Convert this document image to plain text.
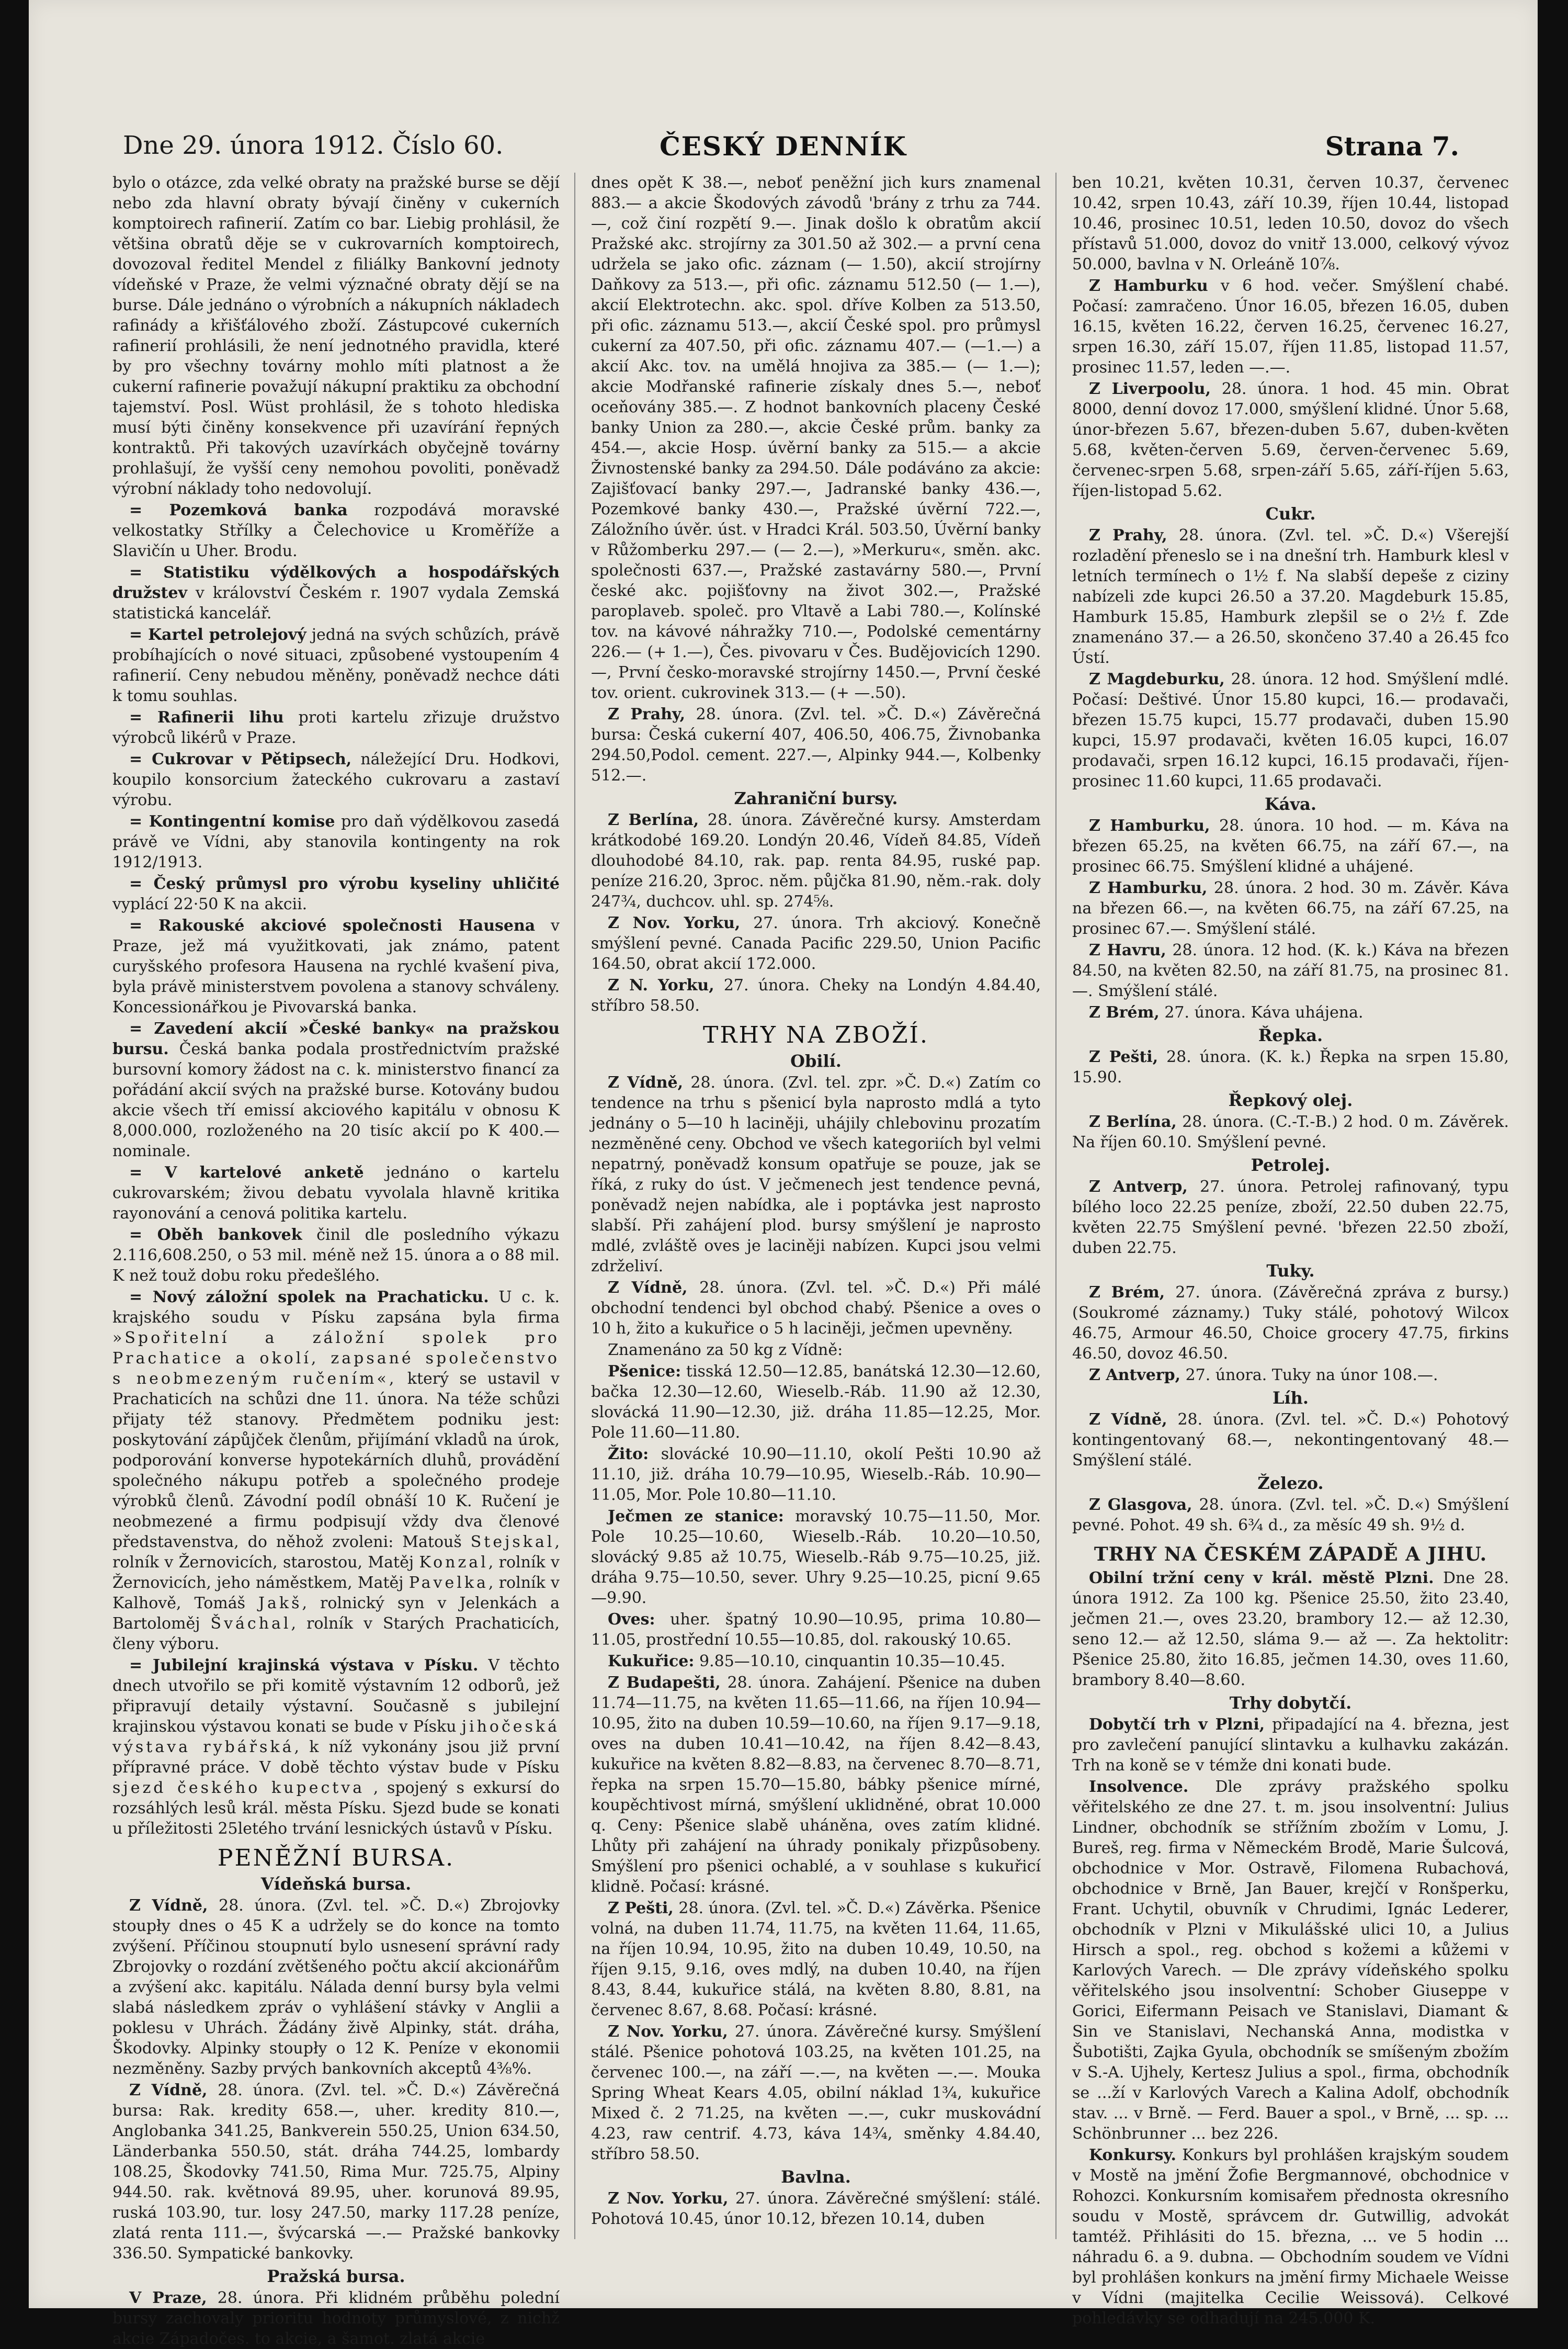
Dne 29. února 1912. Číslo 60.	ČESKÝ DENNÍK	Strana 7.

bylo o otázce, zda velké obraty na pražské burse se dějí nebo zda hlavní obraty bývají činěny v cukerních komptoirech rafinerií. Zatím co bar. Liebig prohlásil, že většina obratů děje se v cukrovarních komptoirech, dovozoval ředitel Mendel z filiálky Bankovní jednoty vídeňské v Praze, že velmi význačné obraty dějí se na burse. Dále jednáno o výrobních a nákupních nákladech rafinády a křišťálového zboží. Zástupcové cukerních rafinerií prohlásili, že není jednotného pravidla, které by pro všechny továrny mohlo míti platnost a že cukerní rafinerie považují nákupní praktiku za obchodní tajemství. Posl. Wüst prohlásil, že s tohoto hlediska musí býti činěny konsekvence při uzavírání řepných kontraktů. Při takových uzavírkách obyčejně továrny prohlašují, že vyšší ceny nemohou povoliti, poněvadž výrobní náklady toho nedovolují.

= Pozemková banka rozpodává moravské velkostatky Střílky a Čelechovice u Kroměříže a Slavičín u Uher. Brodu.

= Statistiku výdělkových a hospodářských družstev v království Českém r. 1907 vydala Zemská statistická kancelář.

= Kartel petrolejový jedná na svých schůzích, právě probíhajících o nové situaci, způsobené vystoupením 4 rafinerií. Ceny nebudou měněny, poněvadž nechce dáti k tomu souhlas.

= Rafinerii lihu proti kartelu zřizuje družstvo výrobců likérů v Praze.

= Cukrovar v Pětipsech, náležející Dru. Hodkovi, koupilo konsorcium žateckého cukrovaru a zastaví výrobu.

= Kontingentní komise pro daň výdělkovou zasedá právě ve Vídni, aby stanovila kontingenty na rok 1912/1913.

= Český průmysl pro výrobu kyseliny uhličité vyplácí 22·50 K na akcii.

= Rakouské akciové společnosti Hausena v Praze, jež má využitkovati, jak známo, patent curyšského profesora Hausena na rychlé kvašení piva, byla právě ministerstvem povolena a stanovy schváleny. Koncessionářkou je Pivovarská banka.

= Zavedení akcií »České banky« na pražskou bursu. Česká banka podala prostřednictvím pražské bursovní komory žádost na c. k. ministerstvo financí za pořádání akcií svých na pražské burse. Kotovány budou akcie všech tří emissí akciového kapitálu v obnosu K 8,000.000, rozloženého na 20 tisíc akcií po K 400.— nominale.

= V kartelové anketě jednáno o kartelu cukrovarském; živou debatu vyvolala hlavně kritika rayonování a cenová politika kartelu.

= Oběh bankovek činil dle posledního výkazu 2.116,608.250, o 53 mil. méně než 15. února a o 88 mil. K než touž dobu roku předešlého.

= Nový záložní spolek na Prachaticku. U c. k. krajského soudu v Písku zapsána byla firma »Spořitelní a záložní spolek pro Prachatice a okolí, zapsané společenstvo s neobmezeným ručením«, který se ustavil v Prachaticích na schůzi dne 11. února. Na téže schůzi přijaty též stanovy. Předmětem podniku jest: poskytování zápůjček členům, přijímání vkladů na úrok, podporování konverse hypotekárních dluhů, provádění společného nákupu potřeb a společného prodeje výrobků členů. Závodní podíl obnáší 10 K. Ručení je neobmezené a firmu podpisují vždy dva členové představenstva, do něhož zvoleni: Matouš Stejskal, rolník v Žernovicích, starostou, Matěj Konzal, rolník v Žernovicích, jeho náměstkem, Matěj Pavelka, rolník v Kalhově, Tomáš Jakš, rolnický syn v Jelenkách a Bartoloměj Šváchal, rolník v Starých Prachaticích, členy výboru.

= Jubilejní krajinská výstava v Písku. V těchto dnech utvořilo se při komitě výstavním 12 odborů, jež připravují detaily výstavní. Současně s jubilejní krajinskou výstavou konati se bude v Písku jihočeská výstava rybářská, k níž vykonány jsou již první přípravné práce. V době těchto výstav bude v Písku sjezd českého kupectva , spojený s exkursí do rozsáhlých lesů král. města Písku. Sjezd bude se konati u příležitosti 25letého trvání lesnických ústavů v Písku.

PENĚŽNÍ BURSA.
Vídeňská bursa.

Z Vídně, 28. února. (Zvl. tel. »Č. D.«) Zbrojovky stoupły dnes o 45 K a udržely se do konce na tomto zvýšení. Příčinou stoupnutí bylo usnesení správní rady Zbrojovky o rozdání zvětšeného počtu akcií akcionářům a zvýšení akc. kapitálu. Nálada denní bursy byla velmi slabá následkem zpráv o vyhlášení stávky v Anglii a poklesu v Uhrách. Žádány živě Alpinky, stát. dráha, Škodovky. Alpinky stoupły o 12 K. Peníze v ekonomii nezměněny. Sazby prvých bankovních akceptů 4⅜%.

Z Vídně, 28. února. (Zvl. tel. »Č. D.«) Závěrečná bursa: Rak. kredity 658.—, uher. kredity 810.—, Anglobanka 341.25, Bankverein 550.25, Union 634.50, Länderbanka 550.50, stát. dráha 744.25, lombardy 108.25, Škodovky 741.50, Rima Mur. 725.75, Alpiny 944.50. rak. květnová 89.95, uher. korunová 89.95, ruská 103.90, tur. losy 247.50, marky 117.28 peníze, zlatá renta 111.—, švýcarská —.— Pražské bankovky 336.50. Sympatické bankovky.

Pražská bursa.

V Praze, 28. února. Při klidném průběhu polední bursy zachovaly prioritu hodnoty průmyslové, z nichž akcie Západočes. to akcie, a šamot. zlatá akcie

dnes opět K 38.—, neboť peněžní jich kurs znamenal 883.— a akcie Škodových závodů 'brány z trhu za 744.—, což činí rozpětí 9.—. Jinak došlo k obratům akcií Pražské akc. strojírny za 301.50 až 302.— a první cena udržela se jako ofic. záznam (— 1.50), akcií strojírny Daňkovy za 513.—, při ofic. záznamu 512.50 (— 1.—), akcií Elektrotechn. akc. spol. dříve Kolben za 513.50, při ofic. záznamu 513.—, akcií České spol. pro průmysl cukerní za 407.50, při ofic. záznamu 407.— (—1.—) a akcií Akc. tov. na umělá hnojiva za 385.— (— 1.—); akcie Modřanské rafinerie získaly dnes 5.—, neboť oceňovány 385.—. Z hodnot bankovních placeny České banky Union za 280.—, akcie České prům. banky za 454.—, akcie Hosp. úvěrní banky za 515.— a akcie Živnostenské banky za 294.50. Dále podáváno za akcie: Zajišťovací banky 297.—, Jadranské banky 436.—, Pozemkové banky 430.—, Pražské úvěrní 722.—, Záložního úvěr. úst. v Hradci Král. 503.50, Úvěrní banky v Růžomberku 297.— (— 2.—), »Merkuru«, směn. akc. společnosti 637.—, Pražské zastavárny 580.—, První české akc. pojišťovny na život 302.—, Pražské paroplaveb. společ. pro Vltavě a Labi 780.—, Kolínské tov. na kávové náhražky 710.—, Podolské cementárny 226.— (+ 1.—), Čes. pivovaru v Čes. Budějovicích 1290.—, První česko-moravské strojírny 1450.—, První české tov. orient. cukrovinek 313.— (+ —.50).

Z Prahy, 28. února. (Zvl. tel. »Č. D.«) Závěrečná bursa: Česká cukerní 407, 406.50, 406.75, Živnobanka 294.50,Podol. cement. 227.—, Alpinky 944.—, Kolbenky 512.—.

Zahraniční bursy.

Z Berlína, 28. února. Závěrečné kursy. Amsterdam krátkodobé 169.20. Londýn 20.46, Vídeň 84.85, Vídeň dlouhodobé 84.10, rak. pap. renta 84.95, ruské pap. peníze 216.20, 3proc. něm. půjčka 81.90, něm.-rak. doly 247¾, duchcov. uhl. sp. 274⅝.

Z Nov. Yorku, 27. února. Trh akciový. Konečně smýšlení pevné. Canada Pacific 229.50, Union Pacific 164.50, obrat akcií 172.000.

Z N. Yorku, 27. února. Cheky na Londýn 4.84.40, stříbro 58.50.

TRHY NA ZBOŽÍ.
Obilí.

Z Vídně, 28. února. (Zvl. tel. zpr. »Č. D.«) Zatím co tendence na trhu s pšenicí byla naprosto mdlá a tyto jednány o 5—10 h laciněji, uhájily chlebovinu prozatím nezměněné ceny. Obchod ve všech kategoriích byl velmi nepatrný, poněvadž konsum opatřuje se pouze, jak se říká, z ruky do úst. V ječmenech jest tendence pevná, poněvadž nejen nabídka, ale i poptávka jest naprosto slabší. Při zahájení plod. bursy smýšlení je naprosto mdlé, zvláště oves je laciněji nabízen. Kupci jsou velmi zdrželiví.

Z Vídně, 28. února. (Zvl. tel. »Č. D.«) Při málé obchodní tendenci byl obchod chabý. Pšenice a oves o 10 h, žito a kukuřice o 5 h laciněji, ječmen upevněny.

Znamenáno za 50 kg z Vídně:

Pšenice: tisská 12.50—12.85, banátská 12.30—12.60, bačka 12.30—12.60, Wieselb.-Ráb. 11.90 až 12.30, slovácká 11.90—12.30, již. dráha 11.85—12.25, Mor. Pole 11.60—11.80.

Žito: slovácké 10.90—11.10, okolí Pešti 10.90 až 11.10, již. dráha 10.79—10.95, Wieselb.-Ráb. 10.90—11.05, Mor. Pole 10.80—11.10.

Ječmen ze stanice: moravský 10.75—11.50, Mor. Pole 10.25—10.60, Wieselb.-Ráb. 10.20—10.50, slovácký 9.85 až 10.75, Wieselb.-Ráb 9.75—10.25, již. dráha 9.75—10.50, sever. Uhry 9.25—10.25, picní 9.65—9.90.

Oves: uher. špatný 10.90—10.95, prima 10.80—11.05, prostřední 10.55—10.85, dol. rakouský 10.65.

Kukuřice: 9.85—10.10, cinquantin 10.35—10.45.

Z Budapešti, 28. února. Zahájení. Pšenice na duben 11.74—11.75, na květen 11.65—11.66, na říjen 10.94—10.95, žito na duben 10.59—10.60, na říjen 9.17—9.18, oves na duben 10.41—10.42, na říjen 8.42—8.43, kukuřice na květen 8.82—8.83, na červenec 8.70—8.71, řepka na srpen 15.70—15.80, bábky pšenice mírné, koupěchtivost mírná, smýšlení uklidněné, obrat 10.000 q. Ceny: Pšenice slabě uháněna, oves zatím klidné. Lhůty při zahájení na úhrady ponikaly přizpůsobeny. Smýšlení pro pšenici ochablé, a v souhlase s kukuřicí klidně. Počasí: krásné.

Z Pešti, 28. února. (Zvl. tel. »Č. D.«) Závěrka. Pšenice volná, na duben 11.74, 11.75, na květen 11.64, 11.65, na říjen 10.94, 10.95, žito na duben 10.49, 10.50, na říjen 9.15, 9.16, oves mdlý, na duben 10.40, na říjen 8.43, 8.44, kukuřice stálá, na květen 8.80, 8.81, na červenec 8.67, 8.68. Počasí: krásné.

Z Nov. Yorku, 27. února. Závěrečné kursy. Smýšlení stálé. Pšenice pohotová 103.25, na květen 101.25, na červenec 100.—, na září —.—, na květen —.—. Mouka Spring Wheat Kears 4.05, obilní náklad 1¾, kukuřice Mixed č. 2 71.25, na květen —.—, cukr muskovádní 4.23, raw centrif. 4.73, káva 14¾, směnky 4.84.40, stříbro 58.50.

Bavlna.

Z Nov. Yorku, 27. února. Závěrečné smýšlení: stálé. Pohotová 10.45, únor 10.12, březen 10.14, duben

ben 10.21, květen 10.31, červen 10.37, červenec 10.42, srpen 10.43, září 10.39, říjen 10.44, listopad 10.46, prosinec 10.51, leden 10.50, dovoz do všech přístavů 51.000, dovoz do vnitř 13.000, celkový vývoz 50.000, bavlna v N. Orleáně 10⅞.

Z Hamburku v 6 hod. večer. Smýšlení chabé. Počasí: zamračeno. Únor 16.05, březen 16.05, duben 16.15, květen 16.22, červen 16.25, červenec 16.27, srpen 16.30, září 15.07, říjen 11.85, listopad 11.57, prosinec 11.57, leden —.—.

Z Liverpoolu, 28. února. 1 hod. 45 min. Obrat 8000, denní dovoz 17.000, smýšlení klidné. Únor 5.68, únor-březen 5.67, březen-duben 5.67, duben-květen 5.68, květen-červen 5.69, červen-červenec 5.69, červenec-srpen 5.68, srpen-září 5.65, září-říjen 5.63, říjen-listopad 5.62.

Cukr.

Z Prahy, 28. února. (Zvl. tel. »Č. D.«) Všerejší rozladění přeneslo se i na dnešní trh. Hamburk klesl v letních termínech o 1½ f. Na slabší depeše z ciziny nabízeli zde kupci 26.50 a 37.20. Magdeburk 15.85, Hamburk 15.85, Hamburk zlepšil se o 2½ f. Zde znamenáno 37.— a 26.50, skončeno 37.40 a 26.45 fco Ústí.

Z Magdeburku, 28. února. 12 hod. Smýšlení mdlé. Počasí: Deštivé. Únor 15.80 kupci, 16.— prodavači, březen 15.75 kupci, 15.77 prodavači, duben 15.90 kupci, 15.97 prodavači, květen 16.05 kupci, 16.07 prodavači, srpen 16.12 kupci, 16.15 prodavači, říjen-prosinec 11.60 kupci, 11.65 prodavači.

Káva.

Z Hamburku, 28. února. 10 hod. — m. Káva na březen 65.25, na květen 66.75, na září 67.—, na prosinec 66.75. Smýšlení klidné a uhájené.

Z Hamburku, 28. února. 2 hod. 30 m. Závěr. Káva na březen 66.—, na květen 66.75, na září 67.25, na prosinec 67.—. Smýšlení stálé.

Z Havru, 28. února. 12 hod. (K. k.) Káva na březen 84.50, na květen 82.50, na září 81.75, na prosinec 81.—. Smýšlení stálé.

Z Brém, 27. února. Káva uhájena.

Řepka.

Z Pešti, 28. února. (K. k.) Řepka na srpen 15.80, 15.90.

Řepkový olej.

Z Berlína, 28. února. (C.-T.-B.) 2 hod. 0 m. Závěrek. Na říjen 60.10. Smýšlení pevné.

Petrolej.

Z Antverp, 27. února. Petrolej rafinovaný, typu bílého loco 22.25 peníze, zboží, 22.50 duben 22.75, květen 22.75 Smýšlení pevné. 'březen 22.50 zboží, duben 22.75.

Tuky.

Z Brém, 27. února. (Závěrečná zpráva z bursy.) (Soukromé záznamy.) Tuky stálé, pohotový Wilcox 46.75, Armour 46.50, Choice grocery 47.75, firkins 46.50, dovoz 46.50.

Z Antverp, 27. února. Tuky na únor 108.—.

Líh.

Z Vídně, 28. února. (Zvl. tel. »Č. D.«) Pohotový kontingentovaný 68.—, nekontingentovaný 48.— Smýšlení stálé.

Železo.

Z Glasgova, 28. února. (Zvl. tel. »Č. D.«) Smýšlení pevné. Pohot. 49 sh. 6¾ d., za měsíc 49 sh. 9½ d.

TRHY NA ČESKÉM ZÁPADĚ A JIHU.

Obilní tržní ceny v král. městě Plzni. Dne 28. února 1912. Za 100 kg. Pšenice 25.50, žito 23.40, ječmen 21.—, oves 23.20, brambory 12.— až 12.30, seno 12.— až 12.50, sláma 9.— až —. Za hektolitr: Pšenice 25.80, žito 16.85, ječmen 14.30, oves 11.60, brambory 8.40—8.60.

Trhy dobytčí.

Dobytčí trh v Plzni, připadající na 4. března, jest pro zavlečení panující slintavku a kulhavku zakázán. Trh na koně se v témže dni konati bude.

Insolvence. Dle zprávy pražského spolku věřitelského ze dne 27. t. m. jsou insolventní: Julius Lindner, obchodník se střížním zbožím v Lomu, J. Bureš, reg. firma v Německém Brodě, Marie Šulcová, obchodnice v Mor. Ostravě, Filomena Rubachová, obchodnice v Brně, Jan Bauer, krejčí v Ronšperku, Frant. Uchytil, obuvník v Chrudimi, Ignác Lederer, obchodník v Plzni v Mikulášské ulici 10, a Julius Hirsch a spol., reg. obchod s kožemi a kůžemi v Karlových Varech. — Dle zprávy vídeňského spolku věřitelského jsou insolventní: Schober Giuseppe v Gorici, Eifermann Peisach ve Stanislavi, Diamant & Sin ve Stanislavi, Nechanská Anna, modistka v Šubotišti, Zajka Gyula, obchodník se smíšeným zbožím v S.-A. Ujhely, Kertesz Julius a spol., firma, obchodník se ...ží v Karlových Varech a Kalina Adolf, obchodník stav. ... v Brně. — Ferd. Bauer a spol., v Brně, ... sp. ... Schönbrunner ... bez 226.

Konkursy. Konkurs byl prohlášen krajským soudem v Mostě na jmění Žofie Bergmannové, obchodnice v Rohozci. Konkursním komisařem přednosta okresního soudu v Mostě, správcem dr. Gutwillig, advokát tamtéž. Přihlásiti do 15. března, ... ve 5 hodin ... náhradu 6. a 9. dubna. — Obchodním soudem ve Vídni byl prohlášen konkurs na jmění firmy Michaele Weisse v Vídni (majitelka Cecilie Weissová). Celkové pohledávky se odhadují na 245.000 K.
